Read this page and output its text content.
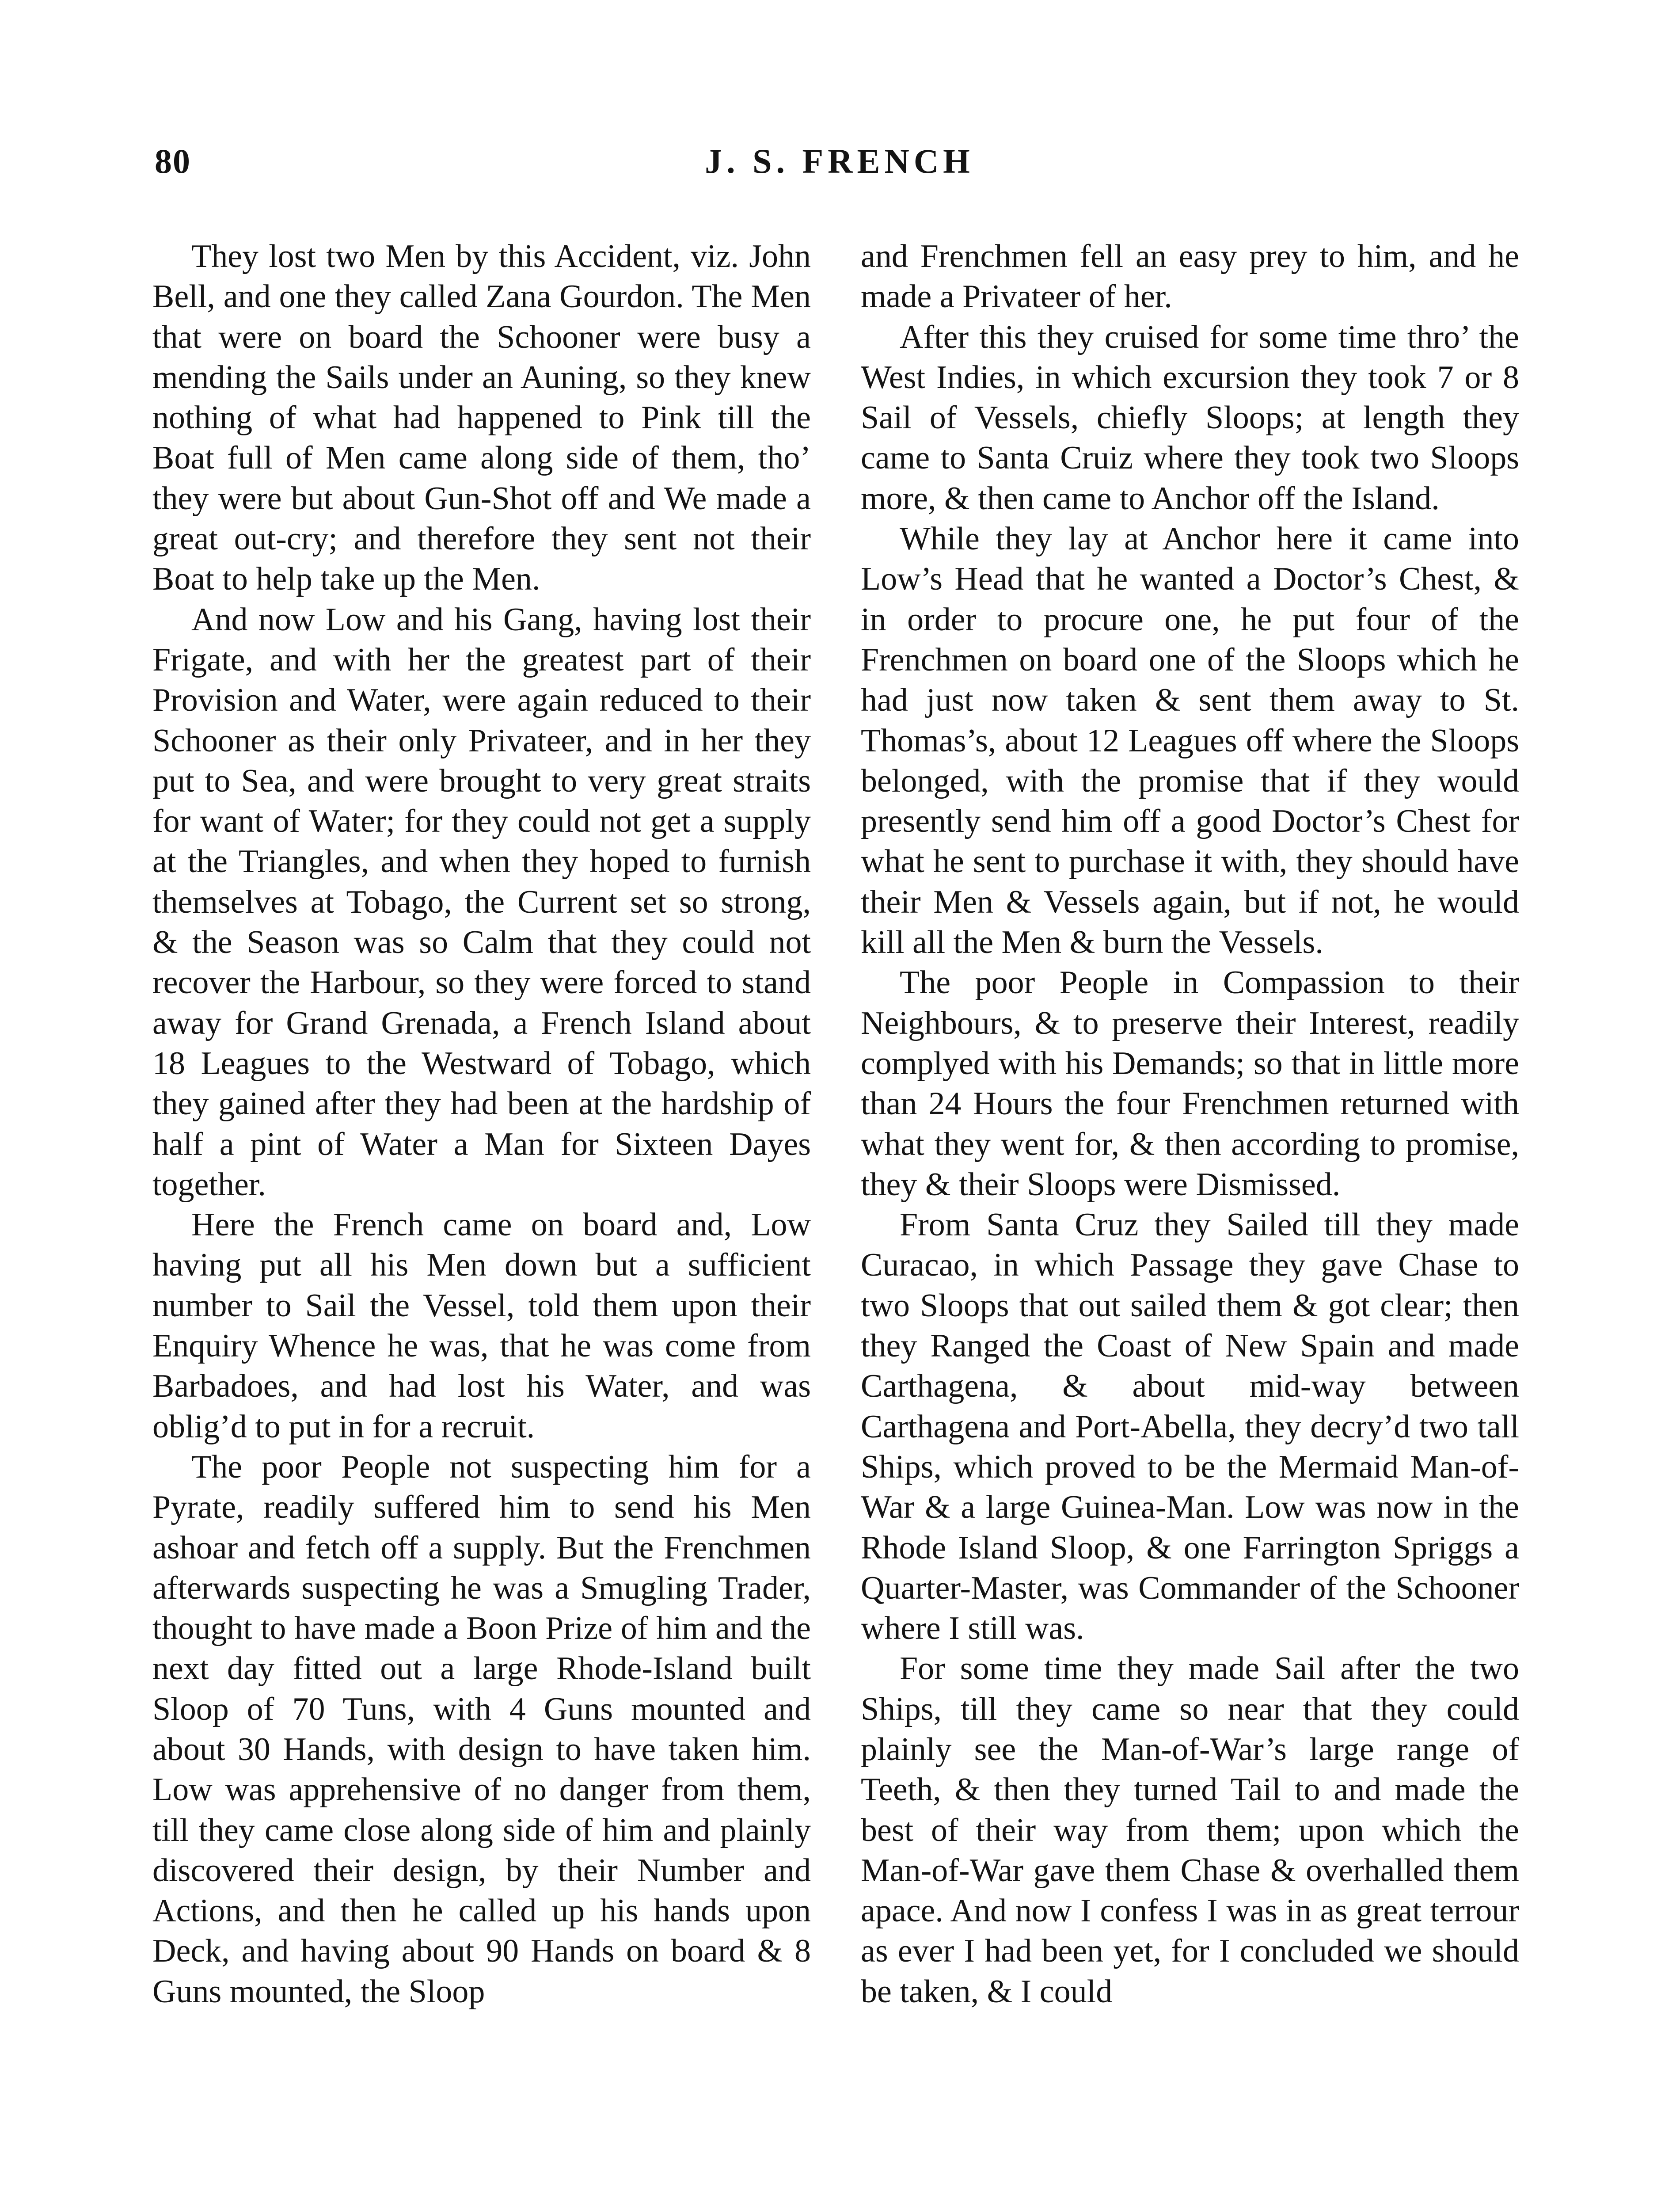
80	J. S. FRENCH

They lost two Men by this Accident, viz. John Bell, and one they called Zana Gourdon. The Men that were on board the Schooner were busy a mending the Sails under an Auning, so they knew nothing of what had happened to Pink till the Boat full of Men came along side of them, tho’ they were but about Gun-Shot off and We made a great out-cry; and therefore they sent not their Boat to help take up the Men.

And now Low and his Gang, having lost their Frigate, and with her the greatest part of their Provision and Water, were again reduced to their Schooner as their only Privateer, and in her they put to Sea, and were brought to very great straits for want of Water; for they could not get a supply at the Triangles, and when they hoped to furnish themselves at Tobago, the Current set so strong, & the Season was so Calm that they could not recover the Harbour, so they were forced to stand away for Grand Grenada, a French Island about 18 Leagues to the Westward of Tobago, which they gained after they had been at the hardship of half a pint of Water a Man for Sixteen Dayes together.

Here the French came on board and, Low having put all his Men down but a sufficient number to Sail the Vessel, told them upon their Enquiry Whence he was, that he was come from Barbadoes, and had lost his Water, and was oblig’d to put in for a recruit.

The poor People not suspecting him for a Pyrate, readily suffered him to send his Men ashoar and fetch off a supply. But the Frenchmen afterwards suspecting he was a Smugling Trader, thought to have made a Boon Prize of him and the next day fitted out a large Rhode-Island built Sloop of 70 Tuns, with 4 Guns mounted and about 30 Hands, with design to have taken him. Low was apprehensive of no danger from them, till they came close along side of him and plainly discovered their design, by their Number and Actions, and then he called up his hands upon Deck, and having about 90 Hands on board & 8 Guns mounted, the Sloop

and Frenchmen fell an easy prey to him, and he made a Privateer of her.

After this they cruised for some time thro’ the West Indies, in which excursion they took 7 or 8 Sail of Vessels, chiefly Sloops; at length they came to Santa Cruiz where they took two Sloops more, & then came to Anchor off the Island.

While they lay at Anchor here it came into Low’s Head that he wanted a Doctor’s Chest, & in order to procure one, he put four of the Frenchmen on board one of the Sloops which he had just now taken & sent them away to St. Thomas’s, about 12 Leagues off where the Sloops belonged, with the promise that if they would presently send him off a good Doctor’s Chest for what he sent to purchase it with, they should have their Men & Vessels again, but if not, he would kill all the Men & burn the Vessels.

The poor People in Compassion to their Neighbours, & to preserve their Interest, readily complyed with his Demands; so that in little more than 24 Hours the four Frenchmen returned with what they went for, & then according to promise, they & their Sloops were Dismissed.

From Santa Cruz they Sailed till they made Curacao, in which Passage they gave Chase to two Sloops that out sailed them & got clear; then they Ranged the Coast of New Spain and made Carthagena, & about mid-way between Carthagena and Port-Abella, they decry’d two tall Ships, which proved to be the Mermaid Man-of-War & a large Guinea-Man. Low was now in the Rhode Island Sloop, & one Farrington Spriggs a Quarter-Master, was Commander of the Schooner where I still was.

For some time they made Sail after the two Ships, till they came so near that they could plainly see the Man-of-War’s large range of Teeth, & then they turned Tail to and made the best of their way from them; upon which the Man-of-War gave them Chase & overhalled them apace. And now I confess I was in as great terrour as ever I had been yet, for I concluded we should be taken, & I could
